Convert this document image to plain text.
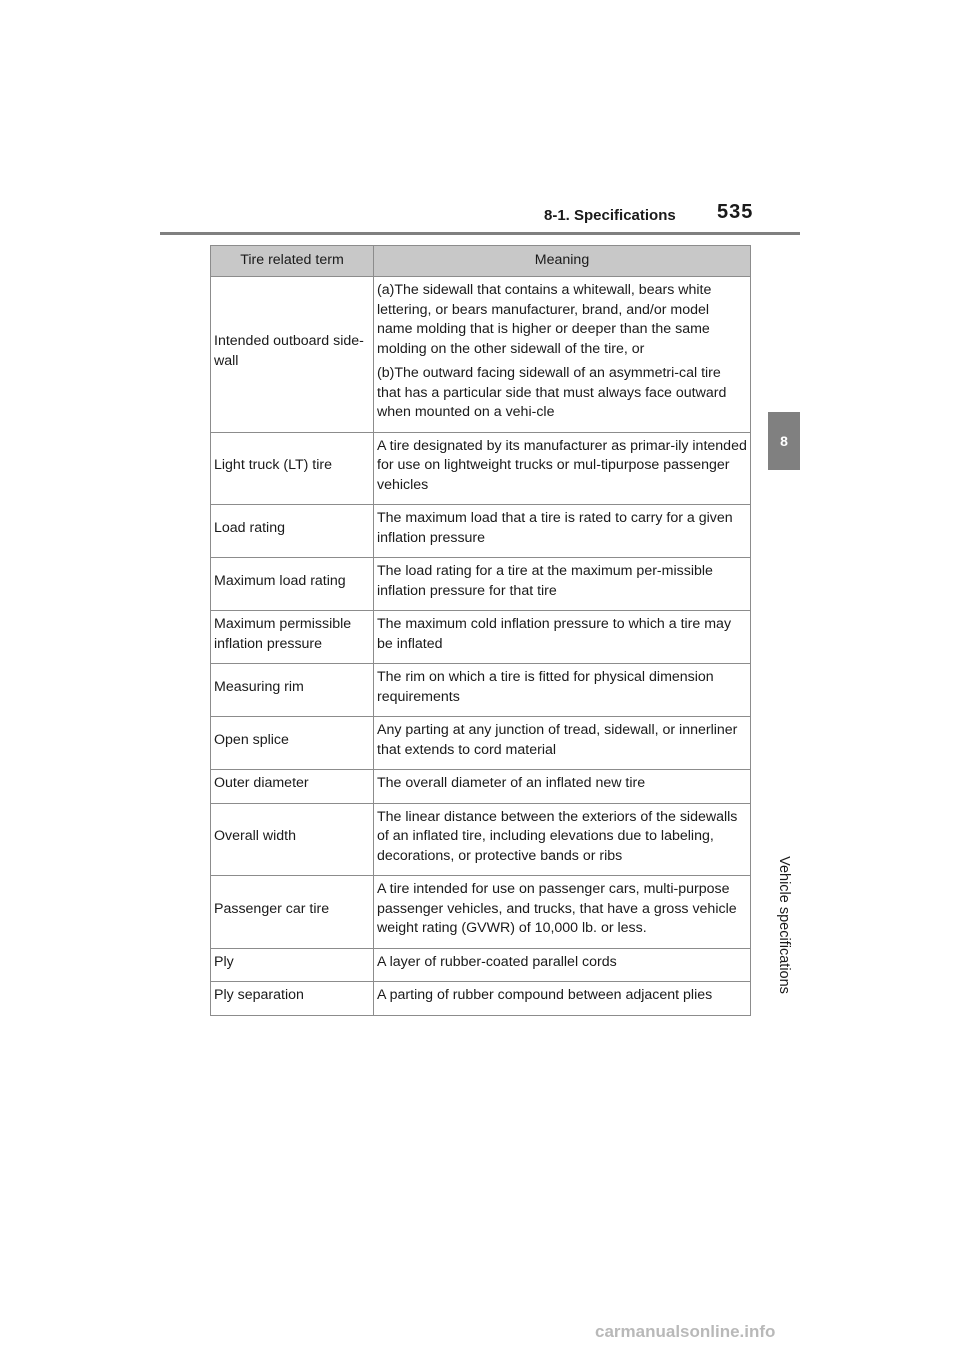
8-1. Specifications 535
8
Vehicle specifications
Tire related term	Meaning
Intended outboard side-wall	(a)The sidewall that contains a whitewall, bears white lettering, or bears manufacturer, brand, and/or model name molding that is higher or deeper than the same molding on the other sidewall of the tire, or

(b)The outward facing sidewall of an asymmetri-cal tire that has a particular side that must always face outward when mounted on a vehi-cle

Light truck (LT) tire	A tire designated by its manufacturer as primar-ily intended for use on lightweight trucks or mul-tipurpose passenger vehicles

Load rating	The maximum load that a tire is rated to carry for a given inflation pressure

Maximum load rating	The load rating for a tire at the maximum per-missible inflation pressure for that tire

Maximum permissible inflation pressure	The maximum cold inflation pressure to which a tire may be inflated

Measuring rim	The rim on which a tire is fitted for physical dimension requirements

Open splice	Any parting at any junction of tread, sidewall, or innerliner that extends to cord material

Outer diameter	The overall diameter of an inflated new tire

Overall width	The linear distance between the exteriors of the sidewalls of an inflated tire, including elevations due to labeling, decorations, or protective bands or ribs

Passenger car tire	A tire intended for use on passenger cars, multi-purpose passenger vehicles, and trucks, that have a gross vehicle weight rating (GVWR) of 10,000 lb. or less.

Ply	A layer of rubber-coated parallel cords

Ply separation	A parting of rubber compound between adjacent plies

carmanualsonline.info
